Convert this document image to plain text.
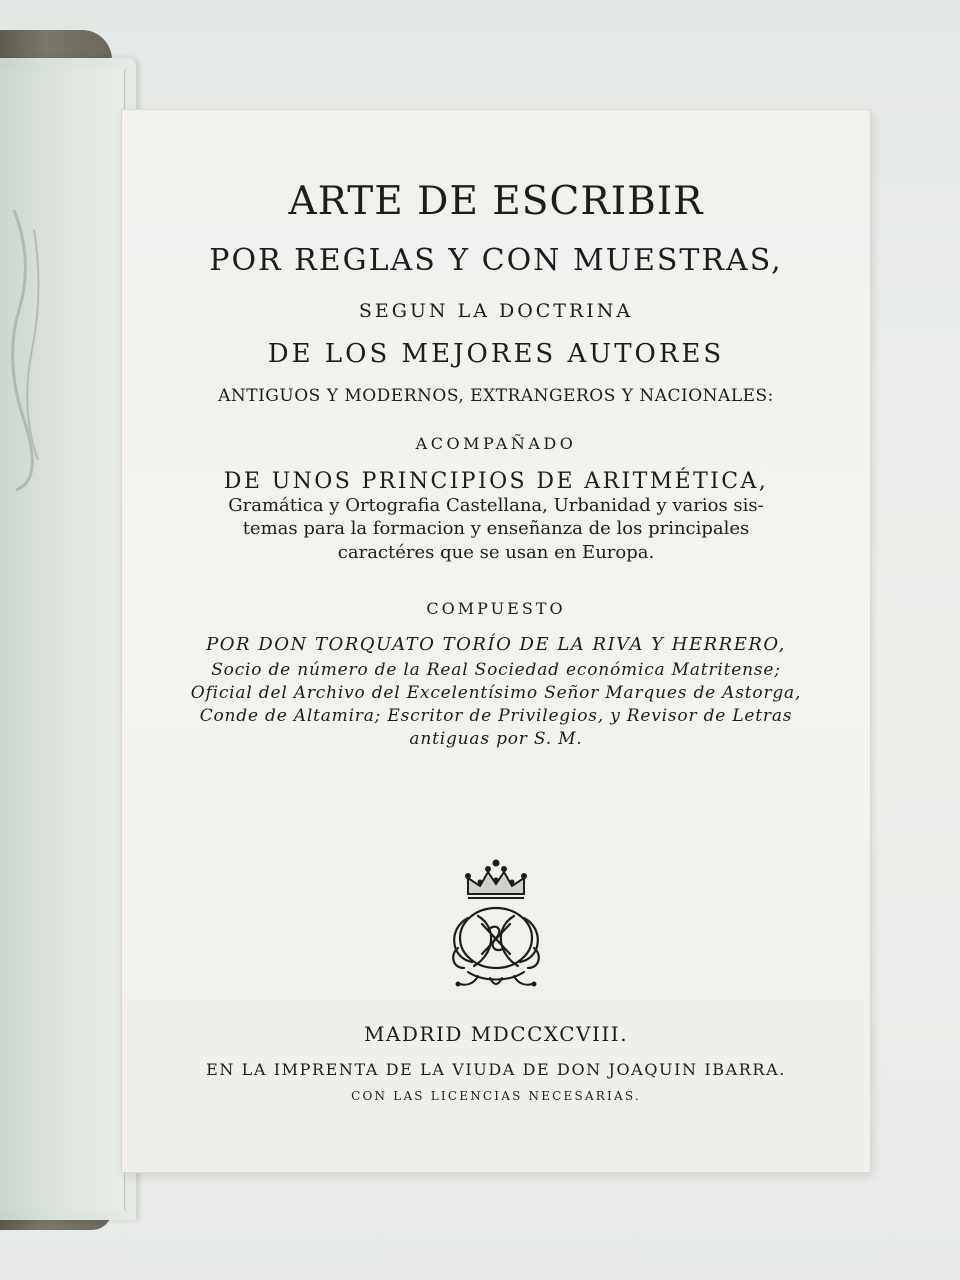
ARTE DE ESCRIBIR
POR REGLAS Y CON MUESTRAS,
SEGUN LA DOCTRINA
DE LOS MEJORES AUTORES
ANTIGUOS Y MODERNOS, EXTRANGEROS Y NACIONALES:
ACOMPAÑADO
DE UNOS PRINCIPIOS DE ARITMÉTICA,
Gramática y Ortografia Castellana, Urbanidad y varios sis-
temas para la formacion y enseñanza de los principales
caractéres que se usan en Europa.
COMPUESTO
POR DON TORQUATO TORÍO DE LA RIVA Y HERRERO,
Socio de número de la Real Sociedad económica Matritense;
Oficial del Archivo del Excelentísimo Señor Marques de Astorga,
Conde de Altamira; Escritor de Privilegios, y Revisor de Letras
antiguas por S. M.
MADRID MDCCXCVIII.
EN LA IMPRENTA DE LA VIUDA DE DON JOAQUIN IBARRA.
CON LAS LICENCIAS NECESARIAS.
